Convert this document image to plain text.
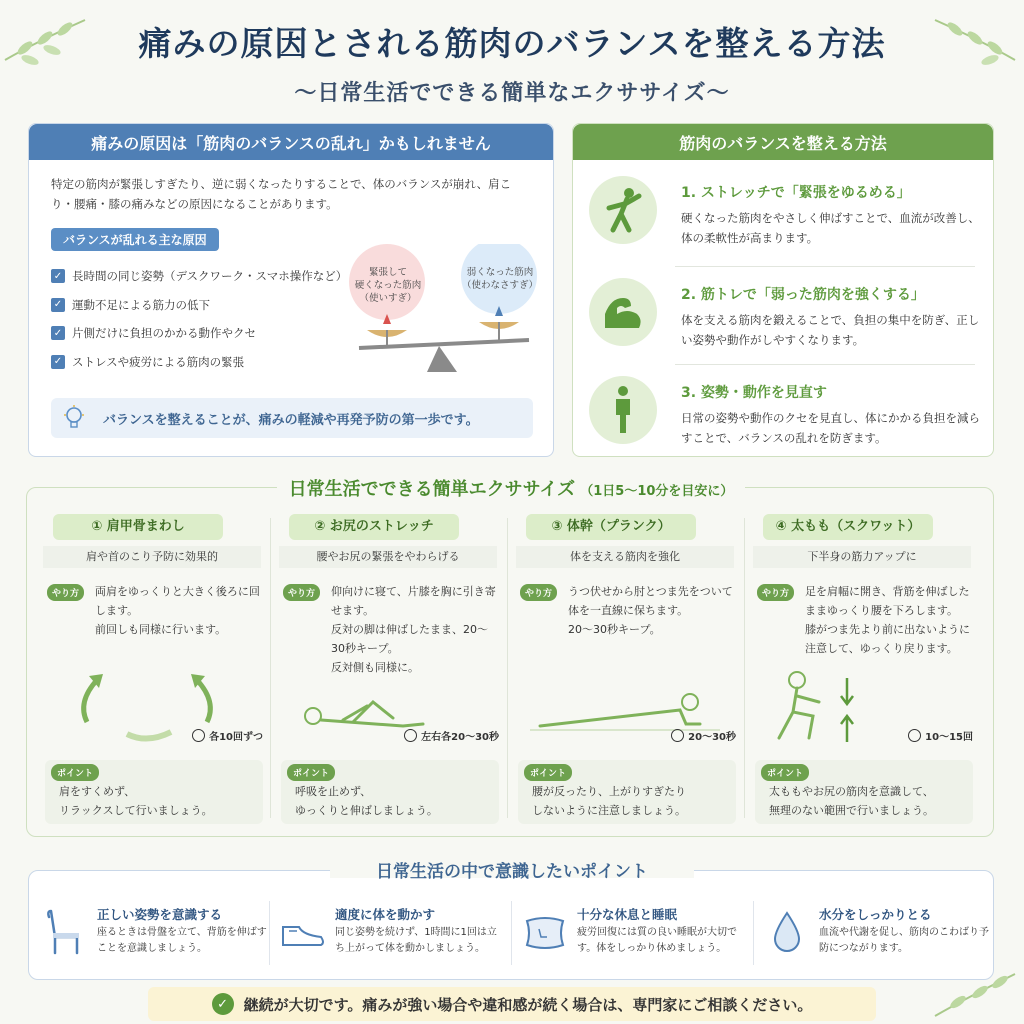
痛みの原因とされる筋肉のバランスを整える方法
〜日常生活でできる簡単なエクササイズ〜
痛みの原因は「筋肉のバランスの乱れ」かもしれません
特定の筋肉が緊張しすぎたり、逆に弱くなったりすることで、体のバランスが崩れ、肩こり・腰痛・膝の痛みなどの原因になることがあります。
バランスが乱れる主な原因
✓ 長時間の同じ姿勢（デスクワーク・スマホ操作など）
✓ 運動不足による筋力の低下
✓ 片側だけに負担のかかる動作やクセ
✓ ストレスや疲労による筋肉の緊張
緊張して
硬くなった筋肉
（使いすぎ）
弱くなった筋肉
（使わなさすぎ）
バランスを整えることが、痛みの軽減や再発予防の第一歩です。
筋肉のバランスを整える方法
1. ストレッチで「緊張をゆるめる」
硬くなった筋肉をやさしく伸ばすことで、血流が改善し、体の柔軟性が高まります。
2. 筋トレで「弱った筋肉を強くする」
体を支える筋肉を鍛えることで、負担の集中を防ぎ、正しい姿勢や動作がしやすくなります。
3. 姿勢・動作を見直す
日常の姿勢や動作のクセを見直し、体にかかる負担を減らすことで、バランスの乱れを防ぎます。
日常生活でできる簡単エクササイズ （1日5〜10分を目安に）
① 肩甲骨まわし
肩や首のこり予防に効果的
やり方	両肩をゆっくりと大きく後ろに回します。
前回しも同様に行います。
各10回ずつ
ポイント
肩をすくめず、
リラックスして行いましょう。
② お尻のストレッチ
腰やお尻の緊張をやわらげる
やり方	仰向けに寝て、片膝を胸に引き寄せます。
反対の脚は伸ばしたまま、20〜30秒キープ。
反対側も同様に。
左右各20〜30秒
ポイント
呼吸を止めず、
ゆっくりと伸ばしましょう。
③ 体幹（プランク）
体を支える筋肉を強化
やり方	うつ伏せから肘とつま先をついて体を一直線に保ちます。
20〜30秒キープ。
20〜30秒
ポイント
腰が反ったり、上がりすぎたり
しないように注意しましょう。
④ 太もも（スクワット）
下半身の筋力アップに
やり方	足を肩幅に開き、背筋を伸ばしたままゆっくり腰を下ろします。
膝がつま先より前に出ないように注意して、ゆっくり戻ります。
10〜15回
ポイント
太ももやお尻の筋肉を意識して、
無理のない範囲で行いましょう。
正しい姿勢を意識する
座るときは骨盤を立て、背筋を伸ばすことを意識しましょう。
適度に体を動かす
同じ姿勢を続けず、1時間に1回は立ち上がって体を動かしましょう。
十分な休息と睡眠
疲労回復には質の良い睡眠が大切です。体をしっかり休めましょう。
水分をしっかりとる
血流や代謝を促し、筋肉のこわばり予防につながります。
日常生活の中で意識したいポイント
✓	継続が大切です。痛みが強い場合や違和感が続く場合は、専門家にご相談ください。
